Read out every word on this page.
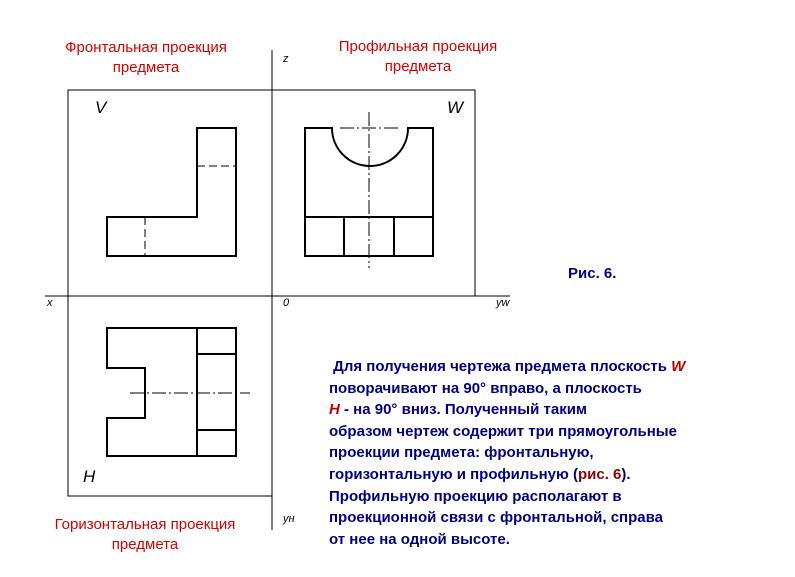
Фронтальная проекция
предмета
Профильная проекция
предмета
Горизонтальная проекция
предмета
z
x	0	yw
yн
V	W
H
Рис. 6.
Для получения чертежа предмета плоскость W
поворачивают на 90° вправо, а плоскость
H - на 90° вниз. Полученный таким
образом чертеж содержит три прямоугольные
проекции предмета: фронтальную,
горизонтальную и профильную (рис. 6).
Профильную проекцию располагают в
проекционной связи с фронтальной, справа
от нее на одной высоте.
